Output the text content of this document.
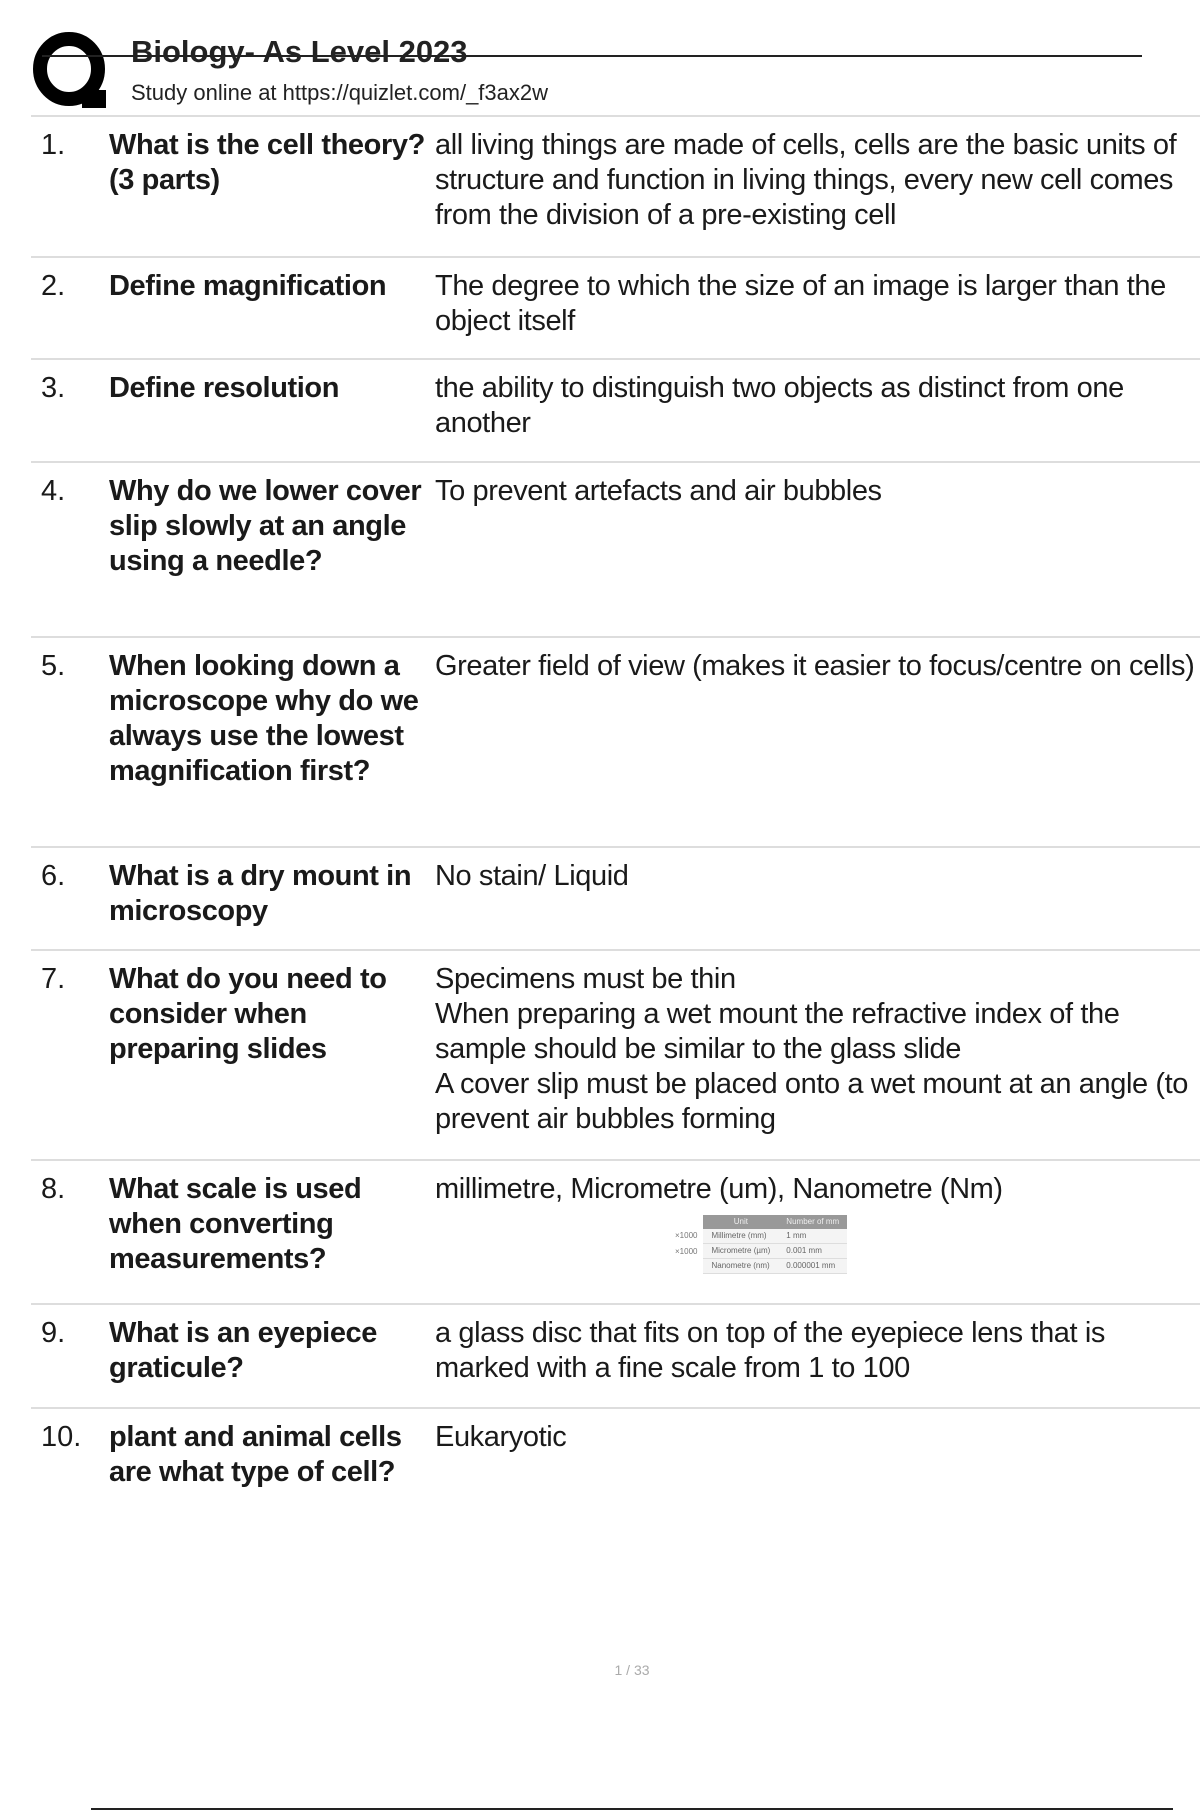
Biology- As Level 2023
Study online at https://quizlet.com/_f3ax2w
1.	What is the cell theory? (3 parts)
all living things are made of cells, cells are the basic units of structure and function in living things, every new cell comes from the division of a pre-existing cell
2.	Define magnification	The degree to which the size of an image is larger than the object itself
3.	Define resolution	the ability to distinguish two objects as distinct from one another
4.	Why do we lower cover slip slowly at an angle using a needle?
To prevent artefacts and air bubbles
5.	When looking down a microscope why do we always use the lowest magnification first?
Greater field of view (makes it easier to focus/centre on cells)
6.	What is a dry mount in microscopy
No stain/ Liquid
7.	What do you need to consider when preparing slides
Specimens must be thin
When preparing a wet mount the refractive index of the sample should be similar to the glass slide
A cover slip must be placed onto a wet mount at an angle (to prevent air bubbles forming
8.	What scale is used when converting measurements?
millimetre, Micrometre (um), Nanometre (Nm)
×1000
×1000
Unit	Number of mm
Millimetre (mm)	1 mm
Micrometre (µm)	0.001 mm
Nanometre (nm)	0.000001 mm
9.	What is an eyepiece graticule?
a glass disc that fits on top of the eyepiece lens that is marked with a fine scale from 1 to 100
10. plant and animal cells are what type of cell?
Eukaryotic
1 / 33
